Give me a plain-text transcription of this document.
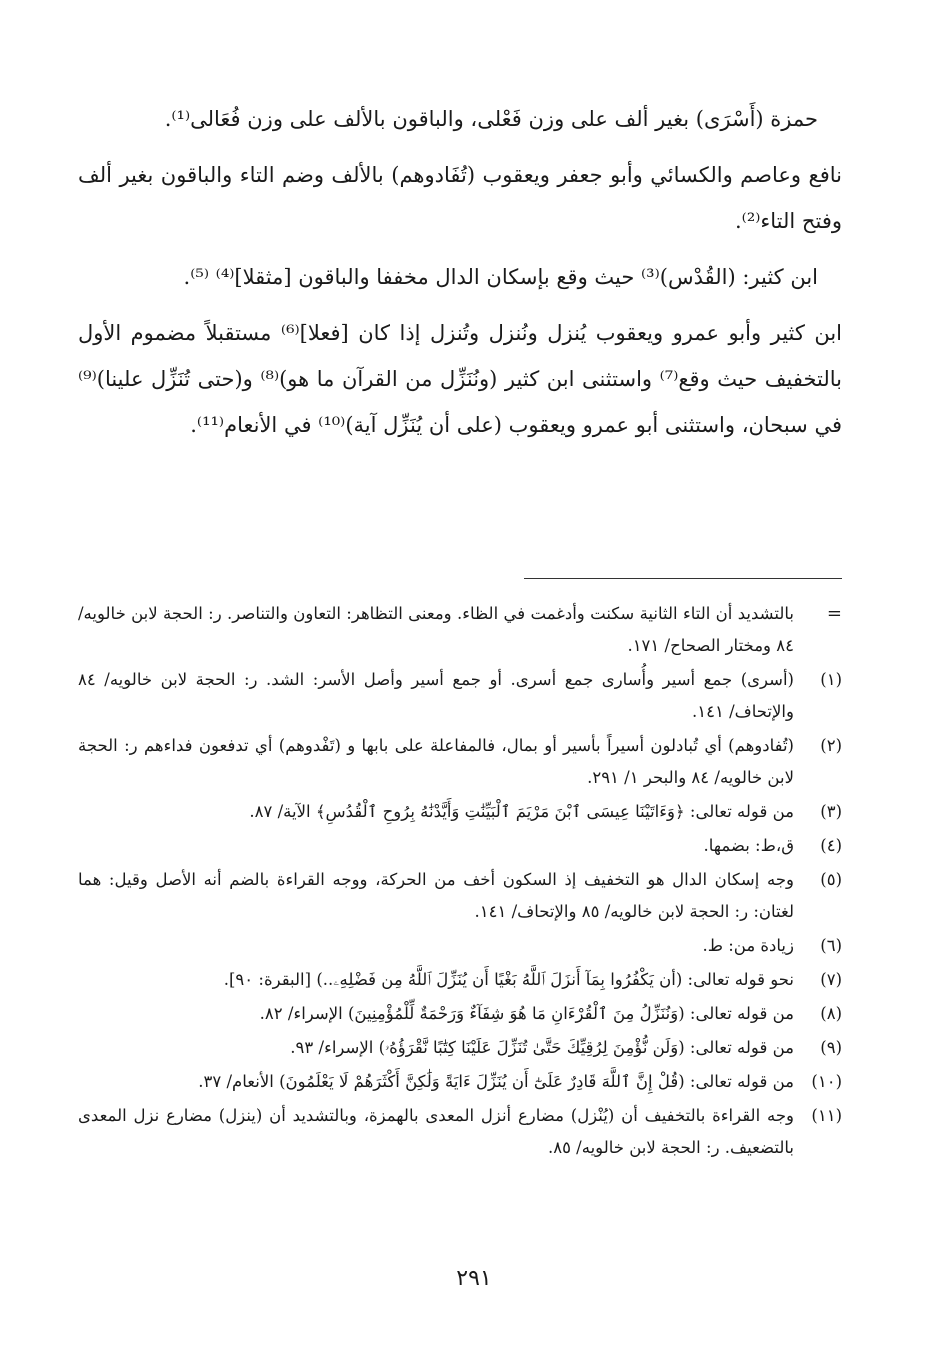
حمزة (أَسْرَى) بغير ألف على وزن فَعْلى، والباقون بالألف على وزن فُعَالى⁽¹⁾.

نافع وعاصم والكسائي وأبو جعفر ويعقوب (تُفَادوهم) بالألف وضم التاء والباقون بغير ألف وفتح التاء⁽²⁾.

ابن كثير: (القُدْس)⁽³⁾ حيث وقع بإسكان الدال مخففا والباقون [مثقلا]⁽⁴⁾ ⁽⁵⁾.

ابن كثير وأبو عمرو ويعقوب يُنزل ونُنزل وتُنزل إذا كان [فعلا]⁽⁶⁾ مستقبلاً مضموم الأول بالتخفيف حيث وقع⁽⁷⁾ واستثنى ابن كثير (ونُنَزِّل من القرآن ما هو)⁽⁸⁾ و(حتى تُنَزِّل علينا)⁽⁹⁾ في سبحان، واستثنى أبو عمرو ويعقوب (على أن يُنَزِّل آية)⁽¹⁰⁾ في الأنعام⁽¹¹⁾.

=
بالتشديد أن التاء الثانية سكنت وأدغمت في الظاء. ومعنى التظاهر: التعاون والتناصر. ر: الحجة لابن خالويه/ ٨٤ ومختار الصحاح/ ١٧١.
(١)
(أسرى) جمع أسير وأُسارى جمع أسرى. أو جمع أسير وأصل الأسر: الشد. ر: الحجة لابن خالويه/ ٨٤ والإتحاف/ ١٤١.
(٢)
(تُفادوهم) أي تُبادلون أسيراً بأسير أو بمال، فالمفاعلة على بابها و (تَفْدوهم) أي تدفعون فداءهم ر: الحجة لابن خالويه/ ٨٤ والبحر ١/ ٢٩١.
(٣)
من قوله تعالى: ﴿وَءَاتَيْنَا عِيسَى ٱبْنَ مَرْيَمَ ٱلْبَيِّنَٰتِ وَأَيَّدْنَٰهُ بِرُوحِ ٱلْقُدُسِ﴾ الآية/ ٨٧.
(٤)
ق،ط: بضمها.
(٥)
وجه إسكان الدال هو التخفيف إذ السكون أخف من الحركة، ووجه القراءة بالضم أنه الأصل وقيل: هما لغتان: ر: الحجة لابن خالويه/ ٨٥ والإتحاف/ ١٤١.
(٦)
زيادة من: ط.
(٧)
نحو قوله تعالى: (أن يَكْفُرُوا بِمَآ أَنزَلَ ٱللَّهُ بَغْيًا أَن يُنَزِّلَ ٱللَّهُ مِن فَضْلِهِۦ..) [البقرة: ٩٠].
(٨)
من قوله تعالى: (وَنُنَزِّلُ مِنَ ٱلْقُرْءَانِ مَا هُوَ شِفَآءٌ وَرَحْمَةٌ لِّلْمُؤْمِنِينَ) الإسراء/ ٨٢.
(٩)
من قوله تعالى: (وَلَن نُّؤْمِنَ لِرُقِيِّكَ حَتَّىٰ تُنَزِّلَ عَلَيْنَا كِتَٰبًا نَّقْرَؤُهُۥ) الإسراء/ ٩٣.
(١٠)
من قوله تعالى: (قُلْ إِنَّ ٱللَّهَ قَادِرٌ عَلَىٰٓ أَن يُنَزِّلَ ءَايَةً وَلَٰكِنَّ أَكْثَرَهُمْ لَا يَعْلَمُونَ) الأنعام/ ٣٧.
(١١)
وجه القراءة بالتخفيف أن (يُنْزل) مضارع أنزل المعدى بالهمزة، وبالتشديد أن (ينزل) مضارع نزل المعدى بالتضعيف. ر: الحجة لابن خالويه/ ٨٥.
٢٩١
